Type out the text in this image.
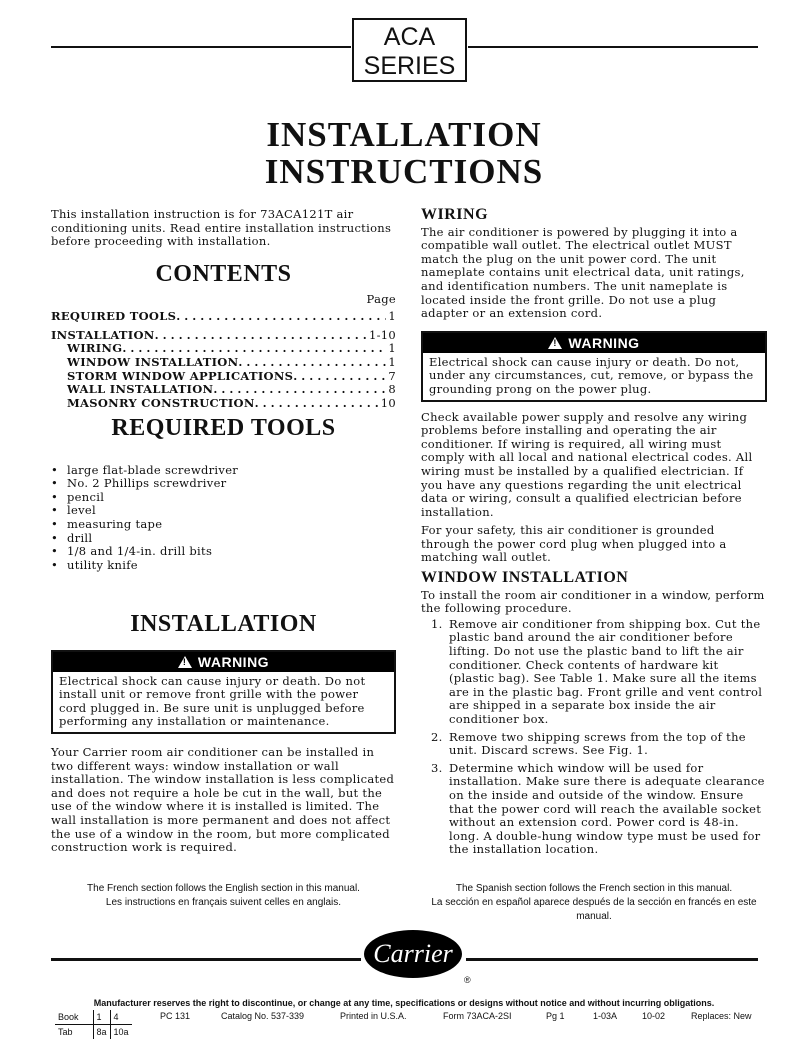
ACA
SERIES
INSTALLATION
INSTRUCTIONS

This installation instruction is for 73ACA121T air conditioning units. Read entire installation instructions before proceeding with installation.

CONTENTS
Page
REQUIRED TOOLS . . .	1
INSTALLATION . . .	1-10
WIRING . . .	1
WINDOW INSTALLATION . . .	1
STORM WINDOW APPLICATIONS . . .	7
WALL INSTALLATION . . .	8
MASONRY CONSTRUCTION . . .	10
REQUIRED TOOLS
• large flat-blade screwdriver
• No. 2 Phillips screwdriver
• pencil
• level
• measuring tape
• drill
• 1/8 and 1/4-in. drill bits
• utility knife
INSTALLATION
!WARNING
Electrical shock can cause injury or death. Do not install unit or remove front grille with the power cord plugged in. Be sure unit is unplugged before performing any installation or maintenance.

Your Carrier room air conditioner can be installed in two different ways: window installation or wall installation. The window installation is less complicated and does not require a hole be cut in the wall, but the use of the window where it is installed is limited. The wall installation is more permanent and does not affect the use of a window in the room, but more complicated construction work is required.

WIRING

The air conditioner is powered by plugging it into a compatible wall outlet. The electrical outlet MUST match the plug on the unit power cord. The unit nameplate contains unit electrical data, unit ratings, and identification numbers. The unit nameplate is located inside the front grille. Do not use a plug adapter or an extension cord.

!WARNING
Electrical shock can cause injury or death. Do not, under any circumstances, cut, remove, or bypass the grounding prong on the power plug.

Check available power supply and resolve any wiring problems before installing and operating the air conditioner. If wiring is required, all wiring must comply with all local and national electrical codes. All wiring must be installed by a qualified electrician. If you have any questions regarding the unit electrical data or wiring, consult a qualified electrician before installation.

For your safety, this air conditioner is grounded through the power cord plug when plugged into a matching wall outlet.

WINDOW INSTALLATION

To install the room air conditioner in a window, perform the following procedure.

1. Remove air conditioner from shipping box. Cut the plastic band around the air conditioner before lifting. Do not use the plastic band to lift the air conditioner. Check contents of hardware kit (plastic bag). See Table 1. Make sure all the items are in the plastic bag. Front grille and vent control are shipped in a separate box inside the air conditioner box.
2. Remove two shipping screws from the top of the unit. Discard screws. See Fig. 1.
3. Determine which window will be used for installation. Make sure there is adequate clearance on the inside and outside of the window. Ensure that the power cord will reach the available socket without an extension cord. Power cord is 48-in. long. A double-hung window type must be used for the installation location.
The French section follows the English section in this manual.
Les instructions en français suivent celles en anglais.
The Spanish section follows the French section in this manual.
La sección en español aparece después de la sección en francés en este manual.
Carrier
®
Manufacturer reserves the right to discontinue, or change at any time, specifications or designs without notice and without incurring obligations.
Book	1	4
Tab	8a	10a
PC 131	Catalog No. 537-339	Printed in U.S.A.	Form 73ACA-2SI	Pg 1	1-03A	10-02	Replaces: New
